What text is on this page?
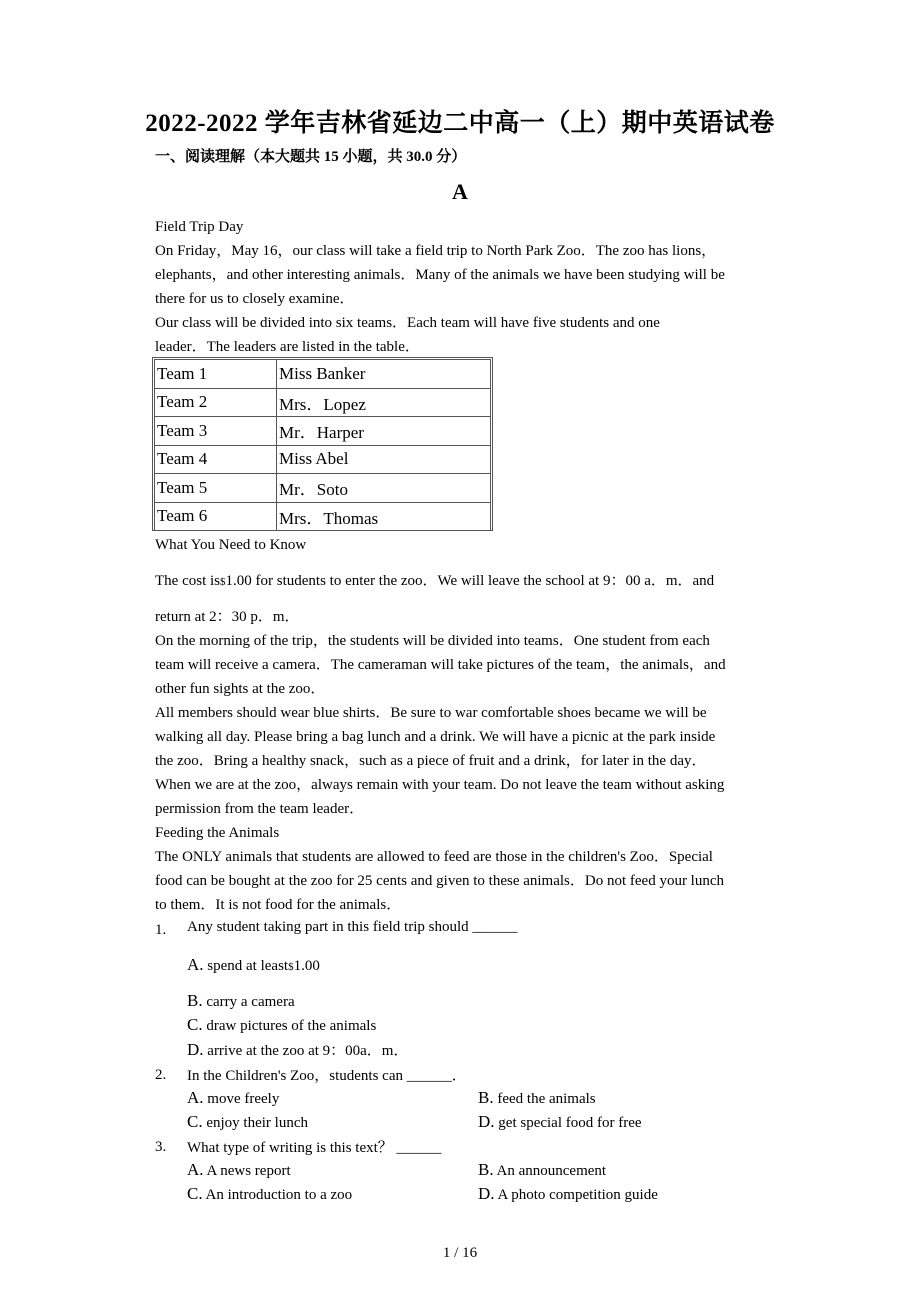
2022-2022 学年吉林省延边二中高一（上）期中英语试卷
一、阅读理解（本大题共 15 小题，共 30.0 分）
A
Field Trip Day
On Friday，May 16，our class will take a field trip to North Park Zoo．The zoo has lions，
elephants，and other interesting animals．Many of the animals we have been studying will be
there for us to closely examine．
Our class will be divided into six teams．Each team will have five students and one
leader．The leaders are listed in the table．
Team 1	Miss Banker
Team 2	Mrs．Lopez
Team 3	Mr．Harper
Team 4	Miss Abel
Team 5	Mr．Soto
Team 6	Mrs．Thomas
What You Need to Know
The cost is$1.00 for students to enter the zoo．We will leave the school at 9：00 a．m．and
return at 2：30 p．m．
On the morning of the trip，the students will be divided into teams．One student from each
team will receive a camera．The cameraman will take pictures of the team，the animals，and
other fun sights at the zoo．
All members should wear blue shirts．Be sure to war comfortable shoes became we will be
walking all day. Please bring a bag lunch and a drink. We will have a picnic at the park inside
the zoo．Bring a healthy snack，such as a piece of fruit and a drink，for later in the day．
When we are at the zoo，always remain with your team. Do not leave the team without asking
permission from the team leader．
Feeding the Animals
The ONLY animals that students are allowed to feed are those in the children's Zoo．Special
food can be bought at the zoo for 25 cents and given to these animals．Do not feed your lunch
to them．It is not food for the animals．
1. Any student taking part in this field trip should ______
A. spend at least$1.00
B. carry a camera
C. draw pictures of the animals
D. arrive at the zoo at 9：00a．m．
2. In the Children's Zoo，students can ______．
A. move freely	B. feed the animals
C. enjoy their lunch	D. get special food for free
3. What type of writing is this text？ ______
A. A news report	B. An announcement
C. An introduction to a zoo	D. A photo competition guide
1 / 16
